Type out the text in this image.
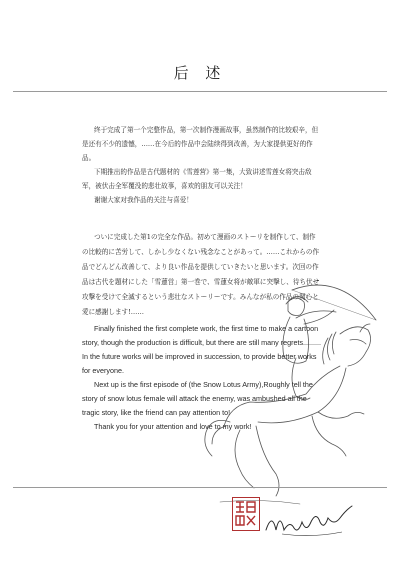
后 述

终于完成了第一个完整作品，第一次制作漫画故事，虽然制作的比较艰辛，但是还有不少的遗憾，……在今后的作品中会陆续得到改善，为大家提供更好的作品。

下期推出的作品是古代题材的《雪莲营》第一集，大致讲述雪莲女将突击敌军，被伏击全军覆没的悲壮故事，喜欢的朋友可以关注！

谢谢大家对我作品的关注与喜爱！

ついに完成した第1の完全な作品。初めて漫画のストーリを制作して、制作の比較的に苦労して、しかし少なくない残念なことがあって。……これからの作品でどんどん改善して、より良い作品を提供していきたいと思います。次回の作品は古代を題材にした「雪蓮営」第一巻で、雪蓮女将が敵軍に突撃し、待ち伏せ攻撃を受けて全滅するという悲壮なストーリーです。みんなが私の作品の関心と愛に感謝します!……

Finally finished the first complete work, the first time to make a cartoon story, though the production is difficult, but there are still many regrets......... In the future works will be improved in succession, to provide better works for everyone.

Next up is the first episode of (the Snow Lotus Army),Roughly tell the story of snow lotus female will attack the enemy, was ambushed all the tragic story, like the friend can pay attention to!

Thank you for your attention and love to my work!
